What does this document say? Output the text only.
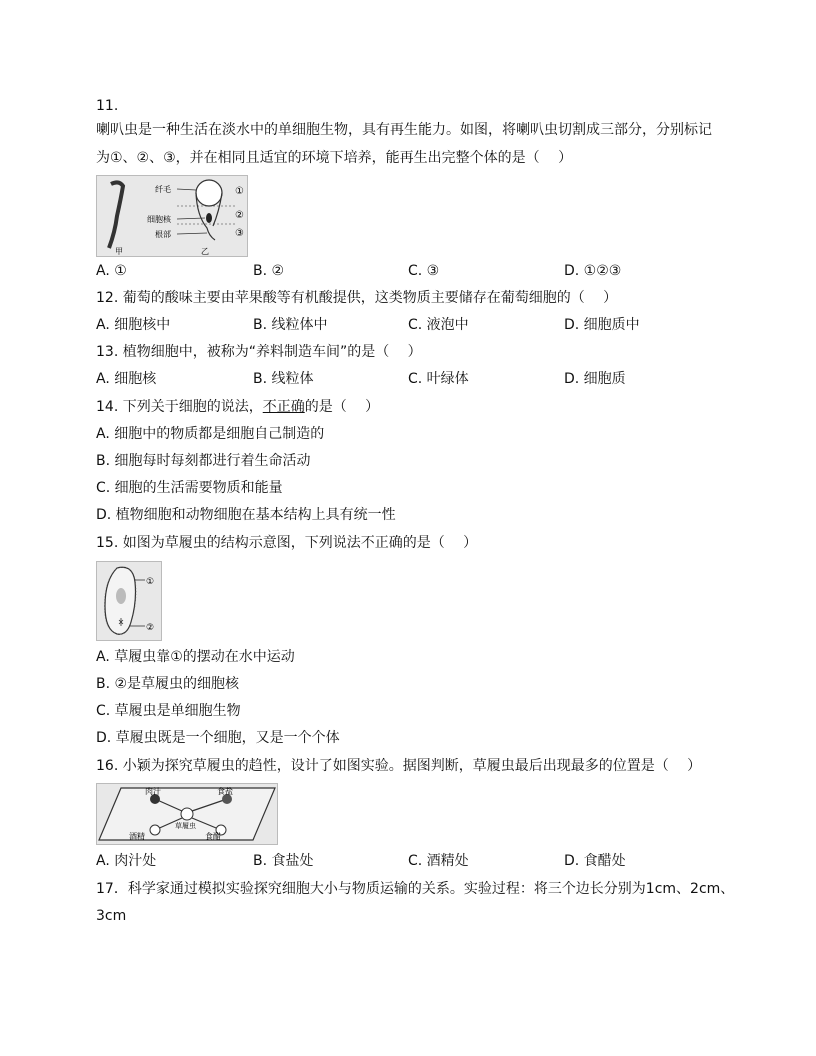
11.
喇叭虫是一种生活在淡水中的单细胞生物，具有再生能力。如图，将喇叭虫切割成三部分，分别标记
为①、②、③，并在相同且适宜的环境下培养，能再生出完整个体的是（　 ）
纤毛
细胞核
根部
甲	乙
①
②
③
A. ①	B. ②	C. ③	D. ①②③
12. 葡萄的酸味主要由苹果酸等有机酸提供，这类物质主要储存在葡萄细胞的（　 ）
A. 细胞核中	B. 线粒体中	C. 液泡中	D. 细胞质中
13. 植物细胞中，被称为“养料制造车间”的是（　 ）
A. 细胞核	B. 线粒体	C. 叶绿体	D. 细胞质
14. 下列关于细胞的说法，不正确的是（　 ）
A. 细胞中的物质都是细胞自己制造的
B. 细胞每时每刻都进行着生命活动
C. 细胞的生活需要物质和能量
D. 植物细胞和动物细胞在基本结构上具有统一性
15. 如图为草履虫的结构示意图，下列说法不正确的是（　 ）
①
②
A. 草履虫靠①的摆动在水中运动
B. ②是草履虫的细胞核
C. 草履虫是单细胞生物
D. 草履虫既是一个细胞，又是一个个体
16. 小颖为探究草履虫的趋性，设计了如图实验。据图判断，草履虫最后出现最多的位置是（　 ）
肉汁	食盐
草履虫
酒精	食醋
A. 肉汁处	B. 食盐处	C. 酒精处	D. 食醋处
17．科学家通过模拟实验探究细胞大小与物质运输的关系。实验过程：将三个边长分别为1cm、2cm、
3cm
